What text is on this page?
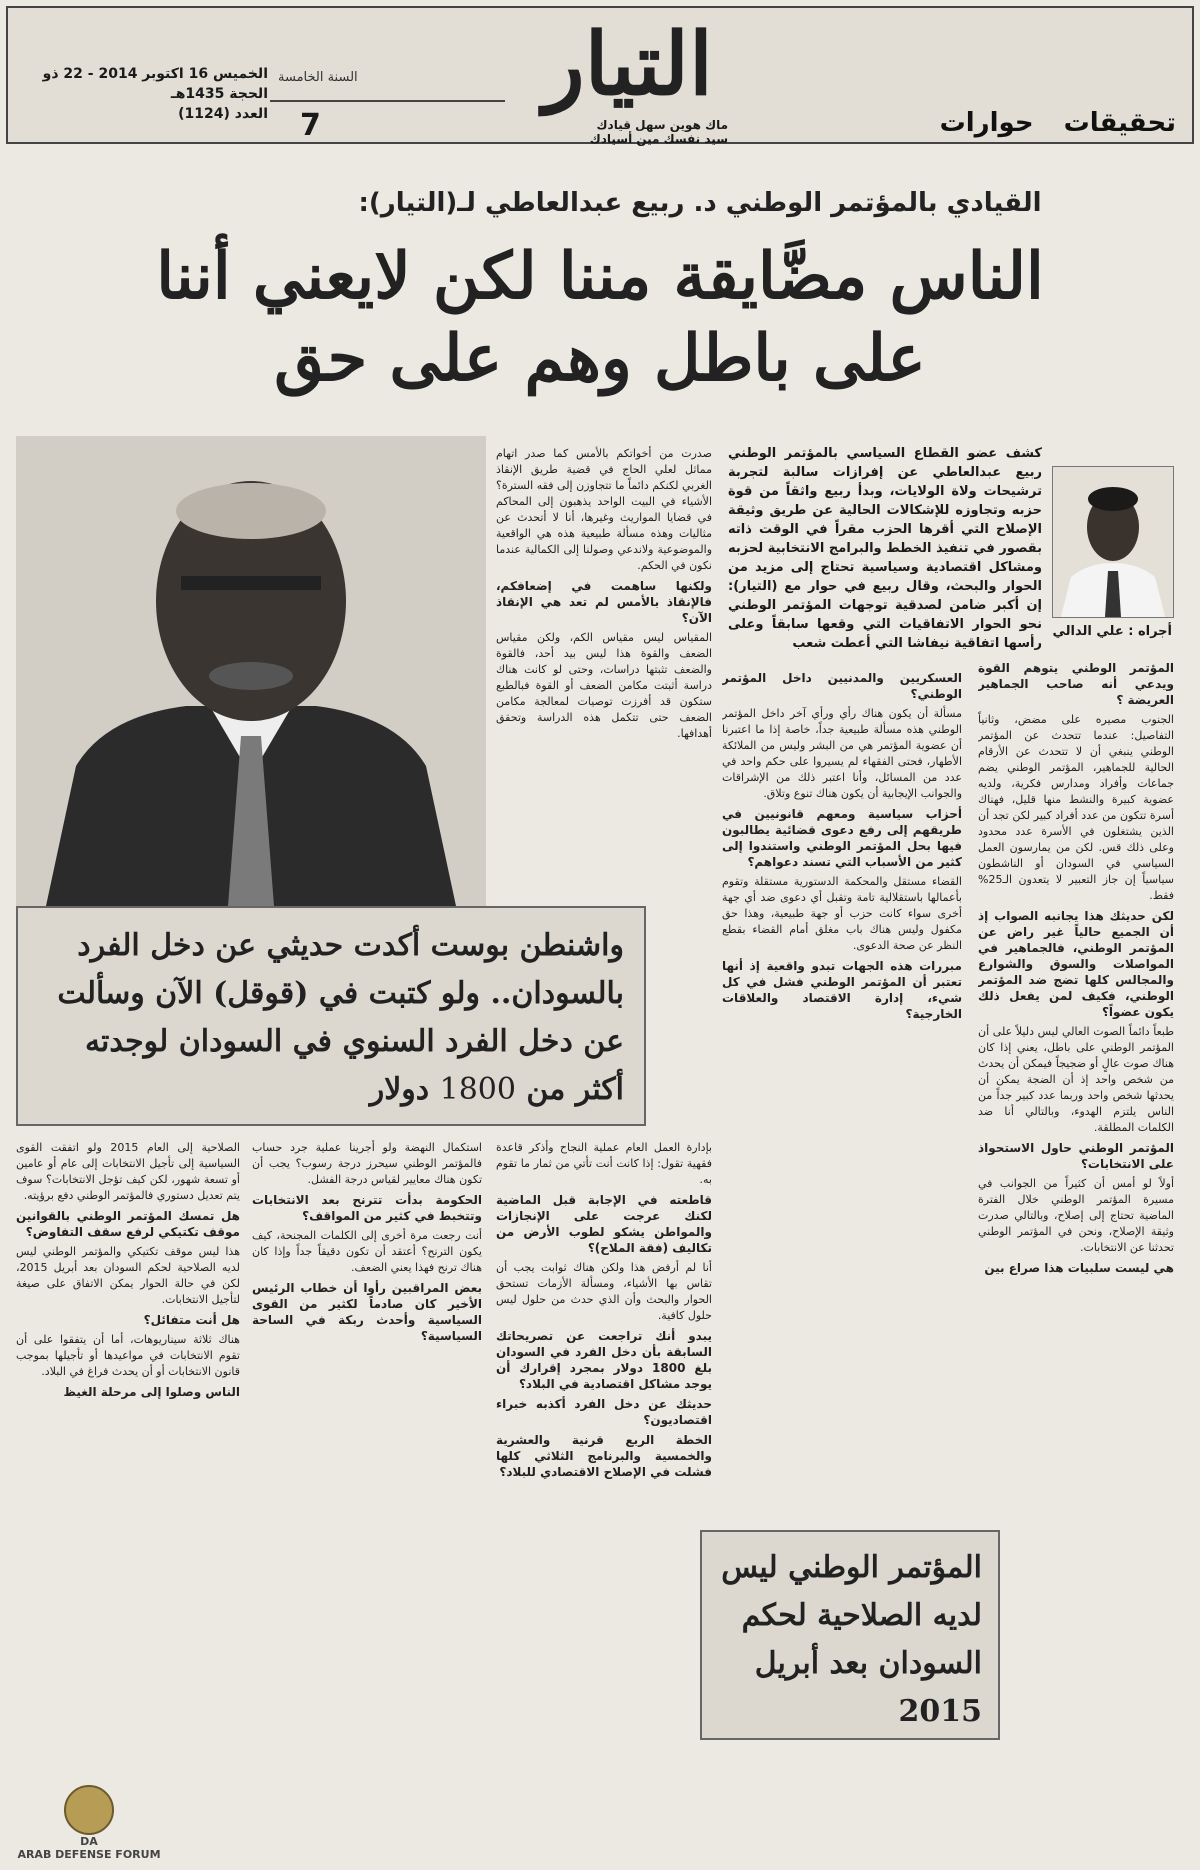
التيار
ماك هوين سهل قيادك
سيد نفسك مين أسيادك
تحقيقات
حوارات
الخميس 16 اكتوبر 2014 - 22 ذو الحجة 1435هـ
العدد (1124)
السنة الخامسة
7
القيادي بالمؤتمر الوطني د. ربيع عبدالعاطي لـ(التيار):
الناس مضَّايقة مننا لكن لايعني أننا
على باطل وهم على حق
أجراه : علي الدالي
كشف عضو القطاع السياسي بالمؤتمر الوطني ربيع عبدالعاطي عن إفرازات سالبة لتجربة ترشيحات ولاة الولايات، وبدأ ربيع واثقاً من قوة حزبه وتجاوزه للإشكالات الحالية عن طريق وثيقة الإصلاح التي أقرها الحزب مقراً في الوقت ذاته بقصور في تنفيذ الخطط والبرامج الانتخابية لحزبه ومشاكل اقتصادية وسياسية تحتاج إلى مزيد من الحوار والبحث، وقال ربيع في حوار مع (التيار): إن أكبر ضامن لصدقية توجهات المؤتمر الوطني نحو الحوار الاتفاقيات التي وقعها سابقاً وعلى رأسها اتفاقية نيفاشا التي أعطت شعب

صدرت من أخواتكم بالأمس كما صدر اتهام مماثل لعلي الحاج في قضية طريق الإنقاذ الغربي لكنكم دائماً ما تتجاوزن إلى فقه السترة؟ الأشياء في البيت الواحد يذهبون إلى المحاكم في قضايا المواريث وغيرها، أنا لا أتحدث عن مثاليات وهذه مسألة طبيعية هذه هي الواقعية والموضوعية ولاندعي وصولنا إلى الكمالية عندما نكون في الحكم.

ولكنها ساهمت في إضعافكم، فالإنقاذ بالأمس لم تعد هي الإنقاذ الآن؟

المقياس ليس مقياس الكم، ولكن مقياس الضعف والقوة هذا ليس بيد أحد، فالقوة والضعف تثبتها دراسات، وحتى لو كانت هناك دراسة أثبتت مكامن الضعف أو القوة فبالطبع ستكون قد أفرزت توصيات لمعالجة مكامن الضعف حتى تتكمل هذه الدراسة وتحقق أهدافها.

المؤتمر الوطني يتوهم القوة ويدعي أنه صاحب الجماهير العريضة ؟

الجنوب مصيره على مضض، وثانياً التفاصيل: عندما تتحدث عن المؤتمر الوطني ينبغي أن لا تتحدث عن الأرقام الحالية للجماهير، المؤتمر الوطني يضم جماعات وأفراد ومدارس فكرية، ولديه عضوية كبيرة والنشط منها قليل، فهناك أسرة تتكون من عدد أفراد كبير لكن تجد أن الذين يشتغلون في الأسرة عدد محدود وعلى ذلك قس. لكن من يمارسون العمل السياسي في السودان أو الناشطون سياسياً إن جاز التعبير لا يتعدون الـ25% فقط.

لكن حديثك هذا يجانبه الصواب إذ أن الجميع حالياً غير راض عن المؤتمر الوطني، فالجماهير في المواصلات والسوق والشوارع والمجالس كلها تضج ضد المؤتمر الوطني، فكيف لمن يفعل ذلك يكون عضواً؟

طبعاً دائماً الصوت العالي ليس دليلاً على أن المؤتمر الوطني على باطل، يعني إذا كان هناك صوت عالٍ أو ضجيجاً فيمكن أن يحدث من شخص واحد إذ أن الضجة يمكن أن يحدثها شخص واحد وربما عدد كبير جداً من الناس يلتزم الهدوء، وبالتالي أنا ضد الكلمات المطلقة.

المؤتمر الوطني حاول الاستحواذ على الانتخابات؟

أولاً لو أمس أن كثيراً من الجوانب في مسيرة المؤتمر الوطني خلال الفترة الماضية تحتاج إلى إصلاح، وبالتالي صدرت وثيقة الإصلاح، ونحن في المؤتمر الوطني تحدثنا عن الانتخابات.

هي ليست سلبيات هذا صراع بين

العسكريين والمدنيين داخل المؤتمر الوطني؟

مسألة أن يكون هناك رأي ورأي آخر داخل المؤتمر الوطني هذه مسألة طبيعية جداً، خاصة إذا ما اعتبرنا أن عضوية المؤتمر هي من البشر وليس من الملائكة الأطهار، فحتى الفقهاء لم يسيروا على حكم واحد في عدد من المسائل، وأنا اعتبر ذلك من الإشراقات والجوانب الإيجابية أن يكون هناك تنوع وتلاق.

أحزاب سياسية ومعهم قانونيين في طريقهم إلى رفع دعوى قضائية يطالبون فيها بحل المؤتمر الوطني واستندوا إلى كثير من الأسباب التي تسند دعواهم؟

القضاء مستقل والمحكمة الدستورية مستقلة وتقوم بأعمالها باستقلالية تامة وتقبل أي دعوى ضد أي جهة أخرى سواء كانت حزب أو جهة طبيعية، وهذا حق مكفول وليس هناك باب مغلق أمام القضاء بقطع النظر عن صحة الدعوى.

مبررات هذه الجهات تبدو واقعية إذ أنها تعتبر أن المؤتمر الوطني فشل في كل شيء، إدارة الاقتصاد والعلاقات الخارجية؟

واشنطن بوست أكدت حديثي عن دخل الفرد بالسودان.. ولو كتبت في (قوقل) الآن وسألت عن دخل الفرد السنوي في السودان لوجدته أكثر من 1800 دولار

بإدارة العمل العام عملية النجاح وأذكر قاعدة فقهية تقول: إذا كانت أنت تأتي من ثمار ما تقوم به.

قاطعته في الإجابة قبل الماضية لكنك عرجت على الإنجازات والمواطن يشكو لطوب الأرض من تكاليف (فقة الملاح)؟

أنا لم أرفض هذا ولكن هناك ثوابت يجب أن تقاس بها الأشياء، ومسألة الأزمات تستحق الحوار والبحث وأن الذي حدث من حلول ليس حلول كافية.

يبدو أنك تراجعت عن تصريحاتك السابقة بأن دخل الفرد في السودان بلغ 1800 دولار بمجرد إقرارك أن يوجد مشاكل اقتصادية في البلاد؟

حديثك عن دخل الفرد أكذبه خبراء اقتصاديون؟

الخطة الربع قرنية والعشرية والخمسية والبرنامج الثلاثي كلها فشلت في الإصلاح الاقتصادي للبلاد؟

استكمال النهضة ولو أجرينا عملية جرد حساب فالمؤتمر الوطني سيحرز درجة رسوب؟ يجب أن تكون هناك معايير لقياس درجة الفشل.

الحكومة بدأت تترنح بعد الانتخابات وتتخبط في كثير من المواقف؟

أنت رجعت مرة أخرى إلى الكلمات المجنحة، كيف يكون الترنح؟ أعتقد أن تكون دقيقاً جداً وإذا كان هناك ترنح فهذا يعني الضعف.

بعض المراقبين رأوا أن خطاب الرئيس الأخير كان صادماً لكثير من القوى السياسية وأحدث ربكة في الساحة السياسية؟

الصلاحية إلى العام 2015 ولو اتفقت القوى السياسية إلى تأجيل الانتخابات إلى عام أو عامين أو تسعة شهور، لكن كيف تؤجل الانتخابات؟ سوف يتم تعديل دستوري فالمؤتمر الوطني دفع برؤيته.

هل تمسك المؤتمر الوطني بالقوانين موقف تكتيكي لرفع سقف التفاوض؟

هذا ليس موقف تكتيكي والمؤتمر الوطني ليس لديه الصلاحية لحكم السودان بعد أبريل 2015، لكن في حالة الحوار يمكن الاتفاق على صيغة لتأجيل الانتخابات.

هل أنت متفائل؟

هناك ثلاثة سيناريوهات، أما أن يتفقوا على أن تقوم الانتخابات في مواعيدها أو تأجيلها بموجب قانون الانتخابات أو أن يحدث فراغ في البلاد.

الناس وصلوا إلى مرحلة الغيظ

المؤتمر الوطني ليس لديه الصلاحية لحكم السودان بعد أبريل 2015
DA
ARAB DEFENSE FORUM
